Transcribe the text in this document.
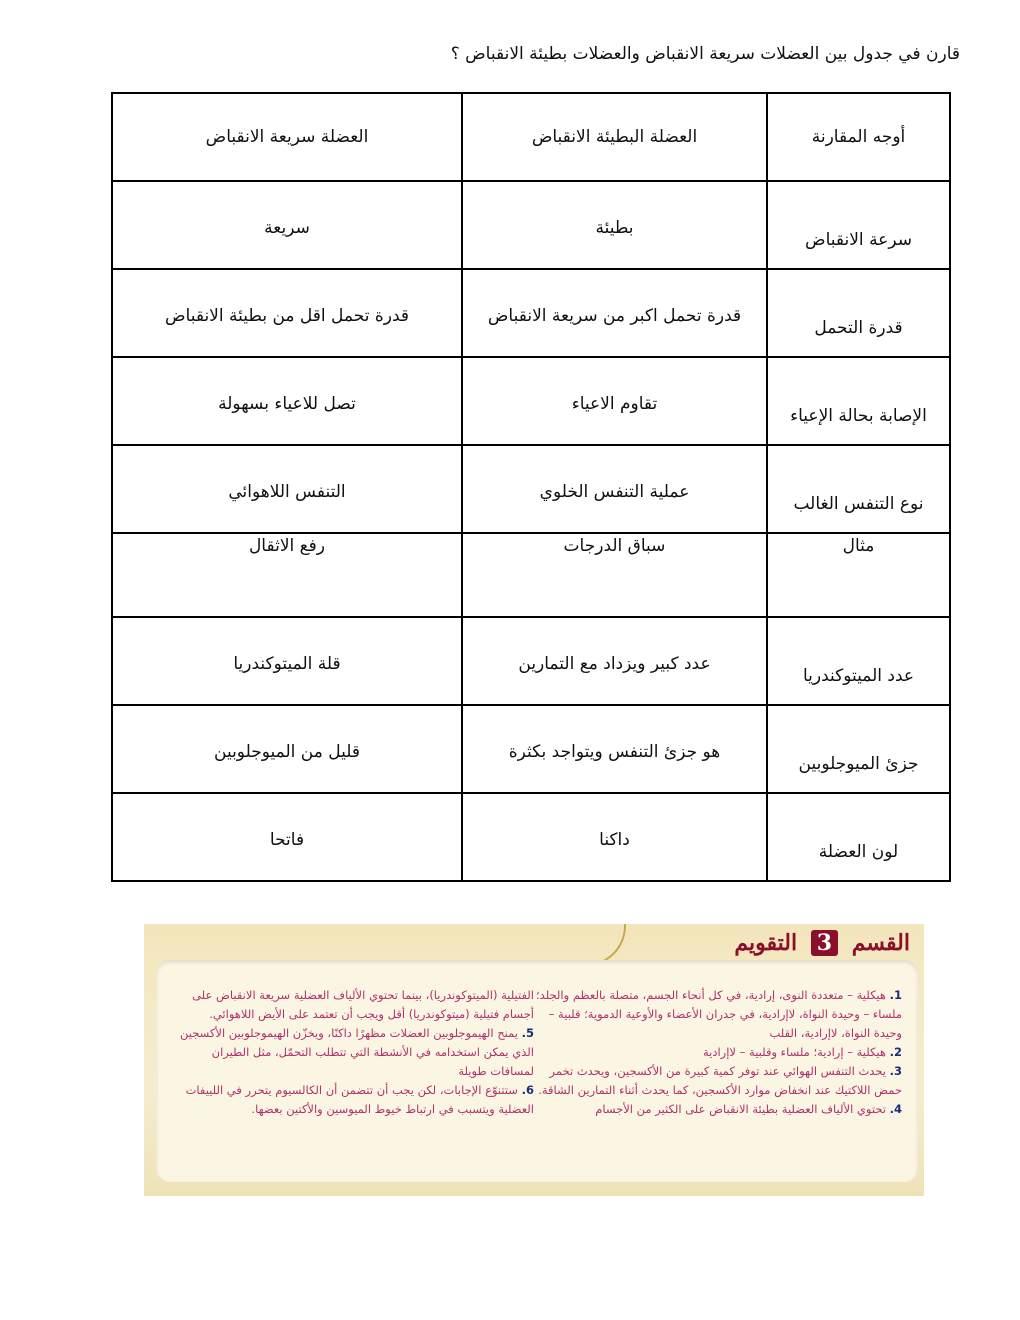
قارن في جدول بين العضلات سريعة الانقباض والعضلات بطيئة الانقباض ؟
أوجه المقارنة	العضلة البطيئة الانقباض	العضلة سريعة الانقباض
سرعة الانقباض	بطيئة	سريعة
قدرة التحمل	قدرة تحمل اكبر من سريعة الانقباض	قدرة تحمل اقل من بطيئة الانقباض
الإصابة بحالة الإعياء	تقاوم الاعياء	تصل للاعياء بسهولة
نوع التنفس الغالب	عملية التنفس الخلوي	التنفس اللاهوائي
مثال	سباق الدرجات	رفع الاثقال
عدد الميتوكندريا	عدد كبير ويزداد مع التمارين	قلة الميتوكندريا
جزئ الميوجلوبين	هو جزئ التنفس ويتواجد بكثرة	قليل من الميوجلوبين
لون العضلة	داكنا	فاتحا
القسم 3 التقويم
1. هيكلية – متعددة النوى، إرادية، في كل أنحاء الجسم، متصلة بالعظم والجلد؛ ملساء – وحيدة النواة، لاإرادية، في جدران الأعضاء والأوعية الدموية؛ قلبية – وحيدة النواة، لاإرادية، القلب
2. هيكلية – إرادية؛ ملساء وقلبية – لاإرادية
3. يحدث التنفس الهوائي عند توفر كمية كبيرة من الأكسجين، ويحدث تخمر حمض اللاكتيك عند انخفاض موارد الأكسجين، كما يحدث أثناء التمارين الشاقة.
4. تحتوي الألياف العضلية بطيئة الانقباض على الكثير من الأجسام
الفتيلية (الميتوكوندريا)، بينما تحتوي الألياف العضلية سريعة الانقباض على أجسام فتيلية (ميتوكوندريا) أقل ويجب أن تعتمد على الأيض اللاهوائي.
5. يمنح الهيموجلوبين العضلات مظهرًا داكنًا، ويخزّن الهيموجلوبين الأكسجين الذي يمكن استخدامه في الأنشطة التي تتطلب التحمّل، مثل الطيران لمسافات طويلة
6. ستتنوّع الإجابات، لكن يجب أن تتضمن أن الكالسيوم يتحرر في اللييفات العضلية ويتسبب في ارتباط خيوط الميوسين والأكتين بعضها.
